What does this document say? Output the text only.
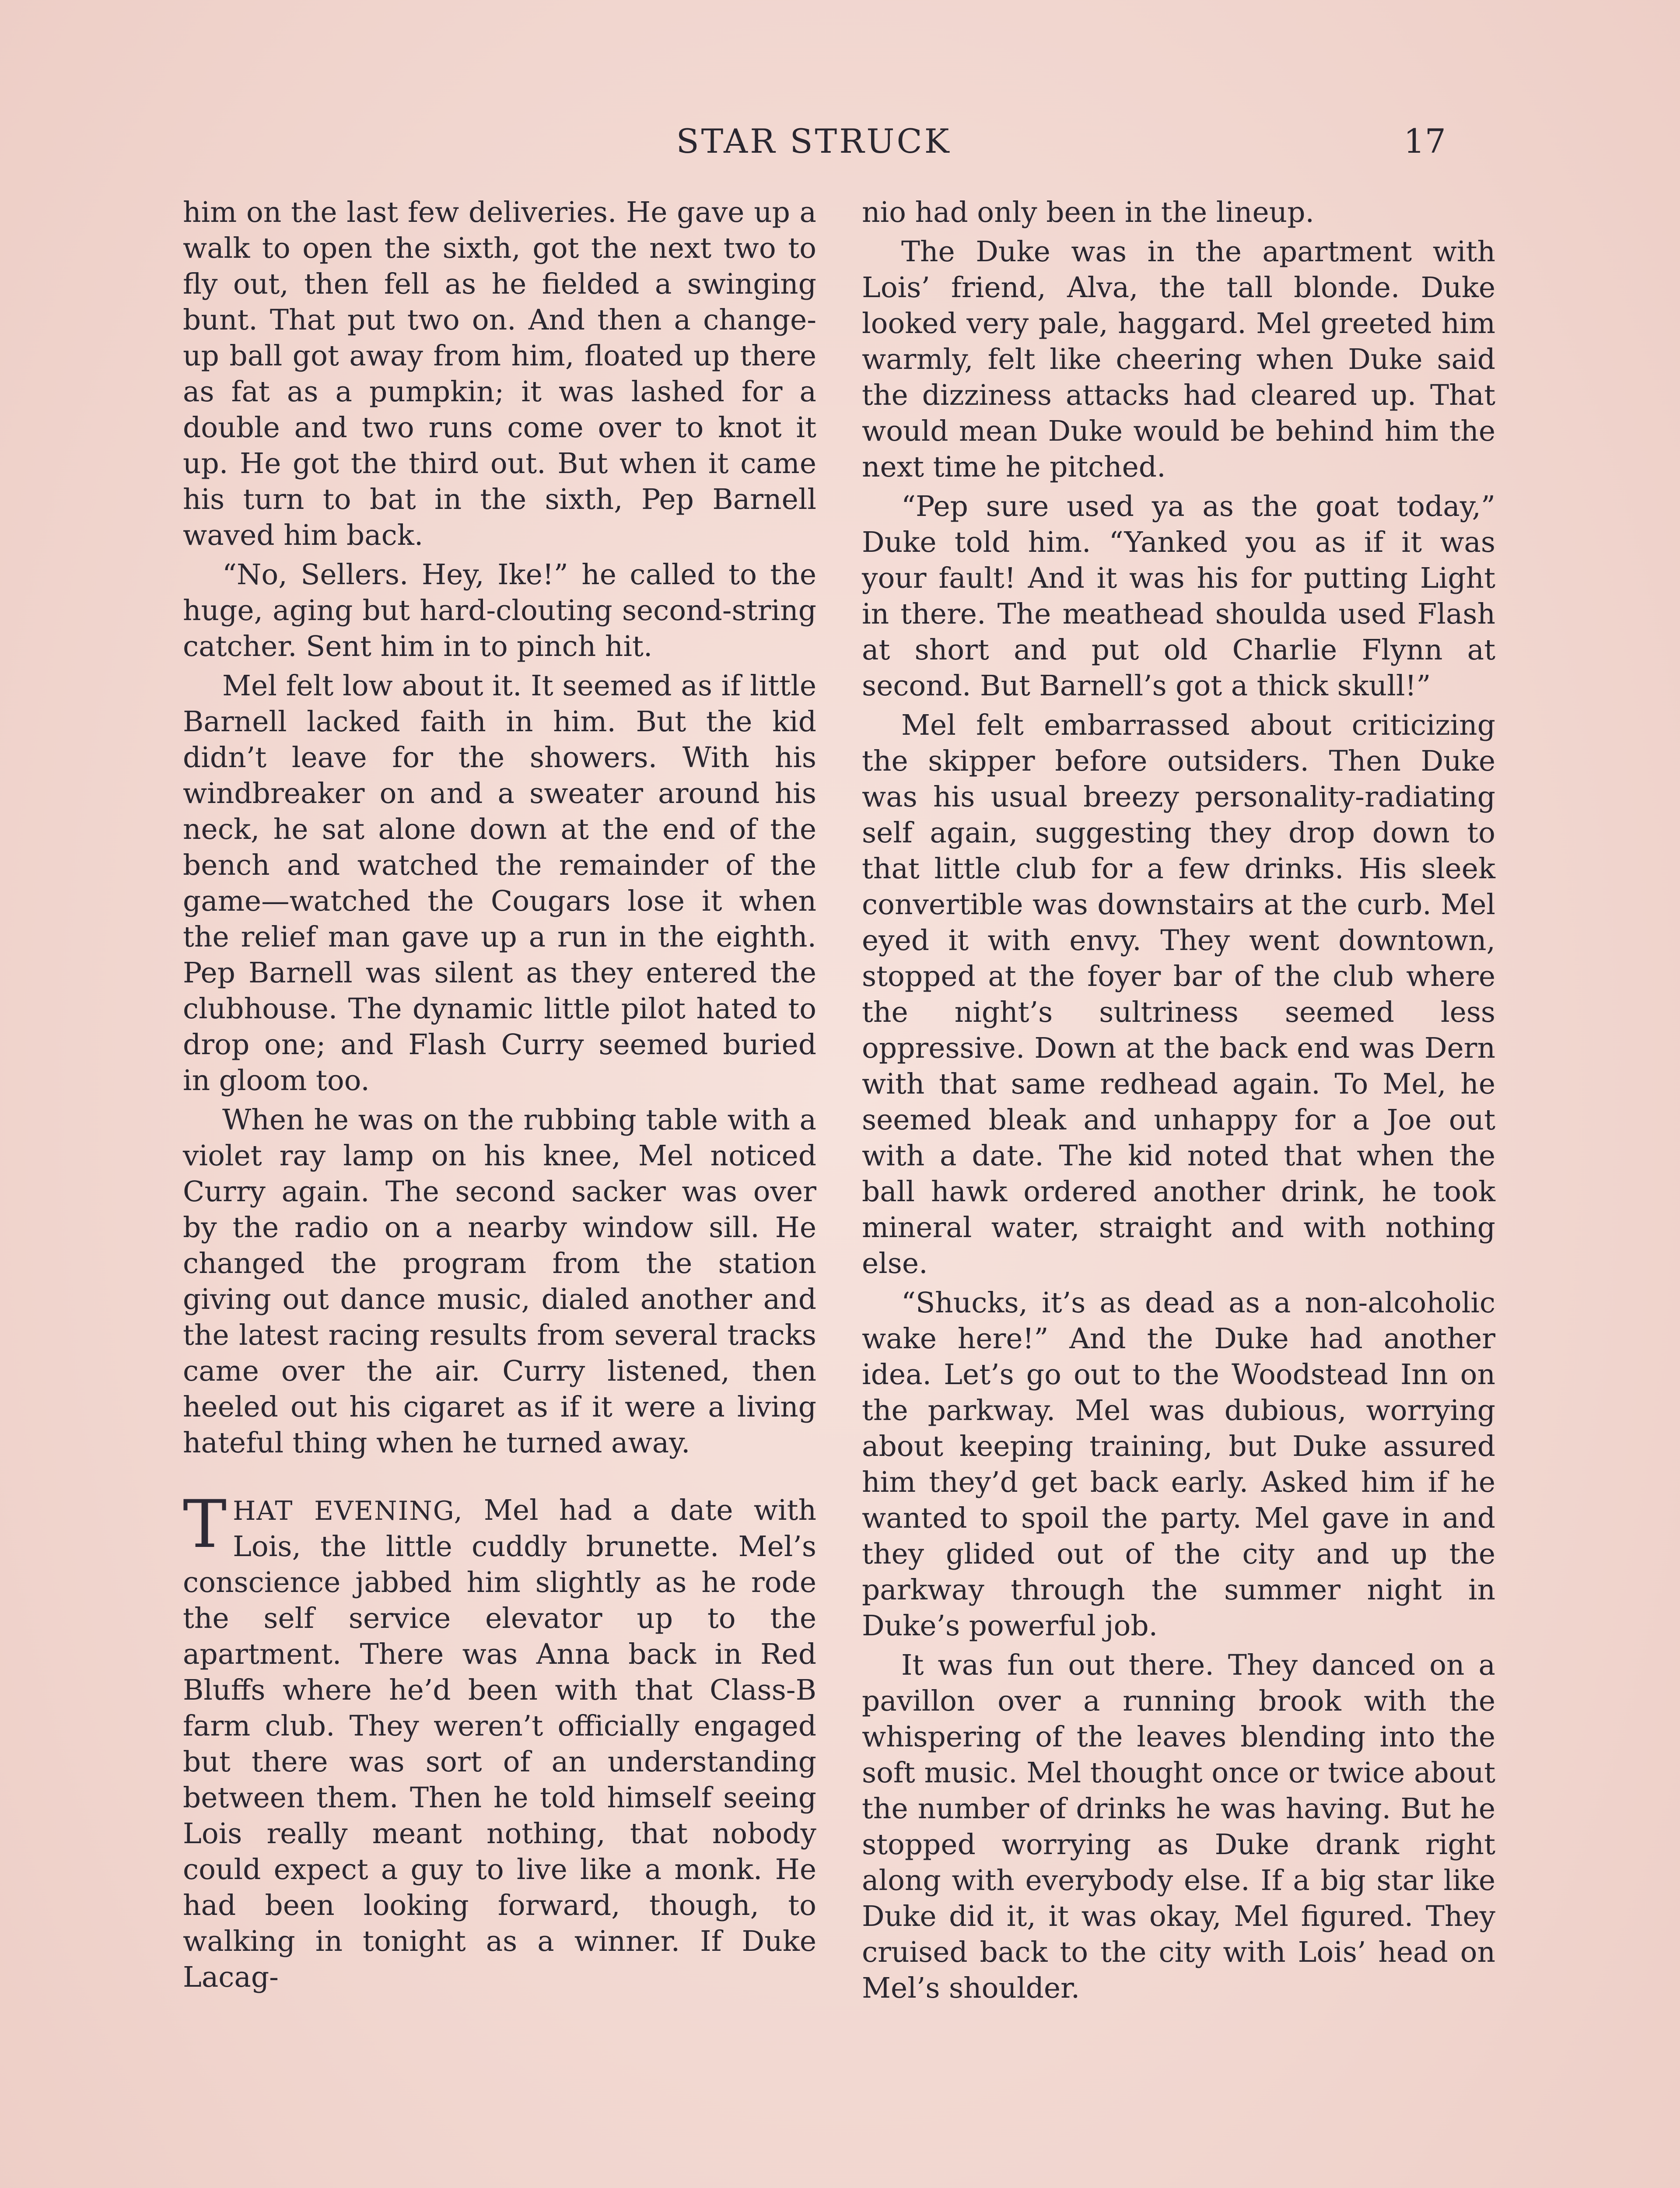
STAR STRUCK	17

him on the last few deliveries. He gave up a walk to open the sixth, got the next two to fly out, then fell as he fielded a swinging bunt. That put two on. And then a change-up ball got away from him, floated up there as fat as a pumpkin; it was lashed for a double and two runs come over to knot it up. He got the third out. But when it came his turn to bat in the sixth, Pep Barnell waved him back.

“No, Sellers. Hey, Ike!” he called to the huge, aging but hard-clouting second-string catcher. Sent him in to pinch hit.

Mel felt low about it. It seemed as if little Barnell lacked faith in him. But the kid didn’t leave for the showers. With his windbreaker on and a sweater around his neck, he sat alone down at the end of the bench and watched the remainder of the game—watched the Cougars lose it when the relief man gave up a run in the eighth. Pep Barnell was silent as they entered the clubhouse. The dynamic little pilot hated to drop one; and Flash Curry seemed buried in gloom too.

When he was on the rubbing table with a violet ray lamp on his knee, Mel noticed Curry again. The second sacker was over by the radio on a nearby window sill. He changed the program from the station giving out dance music, dialed another and the latest racing results from several tracks came over the air. Curry listened, then heeled out his cigaret as if it were a living hateful thing when he turned away.

THAT EVENING, Mel had a date with Lois, the little cuddly brunette. Mel’s conscience jabbed him slightly as he rode the self service elevator up to the apartment. There was Anna back in Red Bluffs where he’d been with that Class-B farm club. They weren’t officially engaged but there was sort of an understanding between them. Then he told himself seeing Lois really meant nothing, that nobody could expect a guy to live like a monk. He had been looking forward, though, to walking in tonight as a winner. If Duke Lacag-

nio had only been in the lineup.

The Duke was in the apartment with Lois’ friend, Alva, the tall blonde. Duke looked very pale, haggard. Mel greeted him warmly, felt like cheering when Duke said the dizziness attacks had cleared up. That would mean Duke would be behind him the next time he pitched.

“Pep sure used ya as the goat today,” Duke told him. “Yanked you as if it was your fault! And it was his for putting Light in there. The meathead shoulda used Flash at short and put old Charlie Flynn at second. But Barnell’s got a thick skull!”

Mel felt embarrassed about criticizing the skipper before outsiders. Then Duke was his usual breezy personality-radiating self again, suggesting they drop down to that little club for a few drinks. His sleek convertible was downstairs at the curb. Mel eyed it with envy. They went downtown, stopped at the foyer bar of the club where the night’s sultriness seemed less oppressive. Down at the back end was Dern with that same redhead again. To Mel, he seemed bleak and unhappy for a Joe out with a date. The kid noted that when the ball hawk ordered another drink, he took mineral water, straight and with nothing else.

“Shucks, it’s as dead as a non-alcoholic wake here!” And the Duke had another idea. Let’s go out to the Woodstead Inn on the parkway. Mel was dubious, worrying about keeping training, but Duke assured him they’d get back early. Asked him if he wanted to spoil the party. Mel gave in and they glided out of the city and up the parkway through the summer night in Duke’s powerful job.

It was fun out there. They danced on a pavillon over a running brook with the whispering of the leaves blending into the soft music. Mel thought once or twice about the number of drinks he was having. But he stopped worrying as Duke drank right along with everybody else. If a big star like Duke did it, it was okay, Mel figured. They cruised back to the city with Lois’ head on Mel’s shoulder.
